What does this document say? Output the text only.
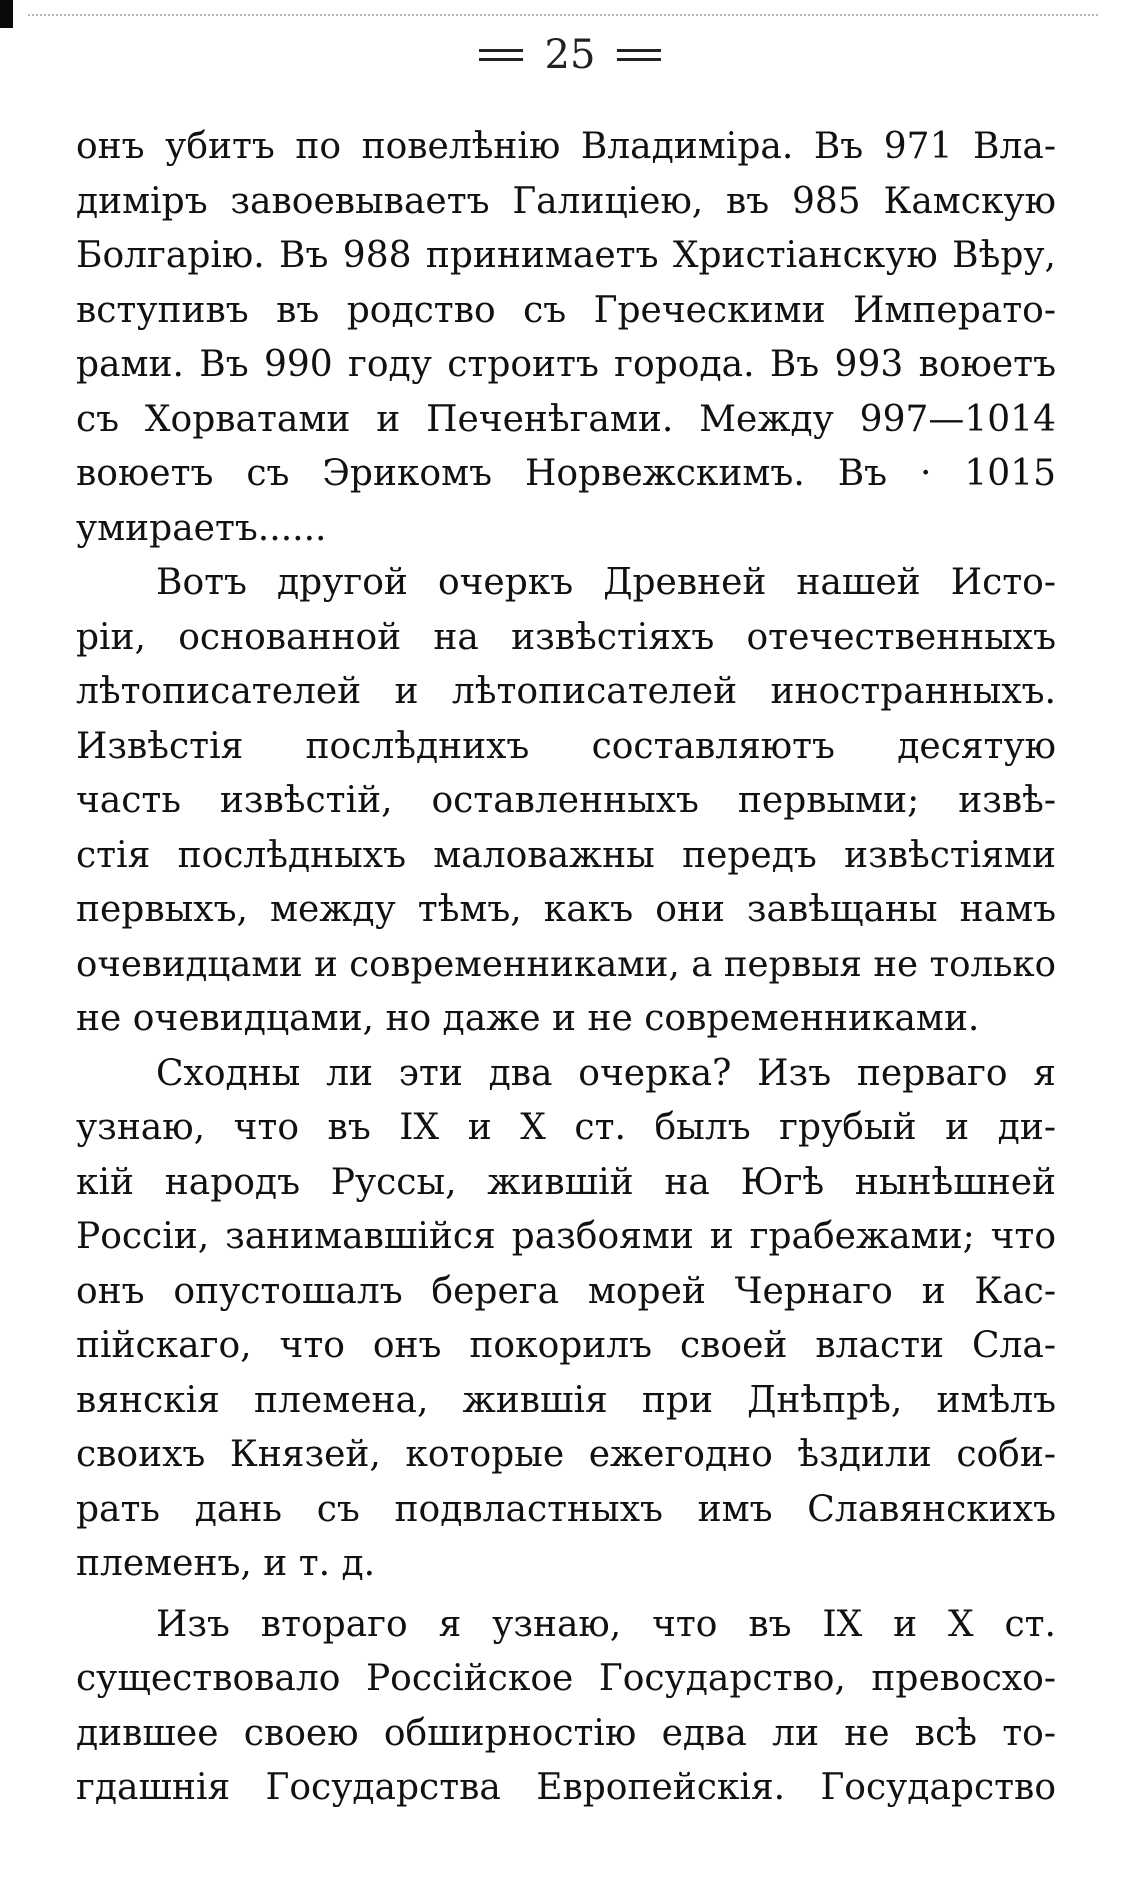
25
онъ убитъ по повелѣнію Владиміра. Въ 971 Вла-
диміръ завоевываетъ Галиціею, въ 985 Камскую
Болгарію. Въ 988 принимаетъ Христіанскую Вѣру,
вступивъ въ родство съ Греческими Императо-
рами. Въ 990 году строитъ города. Въ 993 воюетъ
съ Хорватами и Печенѣгами. Между 997—1014
воюетъ съ Эрикомъ Норвежскимъ. Въ · 1015
умираетъ......
Вотъ другой очеркъ Древней нашей Исто-
ріи, основанной на извѣстіяхъ отечественныхъ
лѣтописателей и лѣтописателей иностранныхъ.
Извѣстія послѣднихъ составляютъ десятую
часть извѣстій, оставленныхъ первыми; извѣ-
стія послѣдныхъ маловажны передъ извѣстіями
первыхъ, между тѣмъ, какъ они завѣщаны намъ
очевидцами и современниками, а первыя не только
не очевидцами, но даже и не современниками.
Сходны ли эти два очерка? Изъ перваго я
узнаю, что въ IX и X ст. былъ грубый и ди-
кій народъ Руссы, жившій на Югѣ нынѣшней
Россіи, занимавшійся разбоями и грабежами; что
онъ опустошалъ берега морей Чернаго и Кас-
пійскаго, что онъ покорилъ своей власти Сла-
вянскія племена, жившія при Днѣпрѣ, имѣлъ
своихъ Князей, которые ежегодно ѣздили соби-
рать дань съ подвластныхъ имъ Славянскихъ
племенъ, и т. д.
Изъ втораго я узнаю, что въ IX и X ст.
существовало Россійское Государство, превосхо-
дившее своею обширностію едва ли не всѣ то-
гдашнія Государства Европейскія. Государство
